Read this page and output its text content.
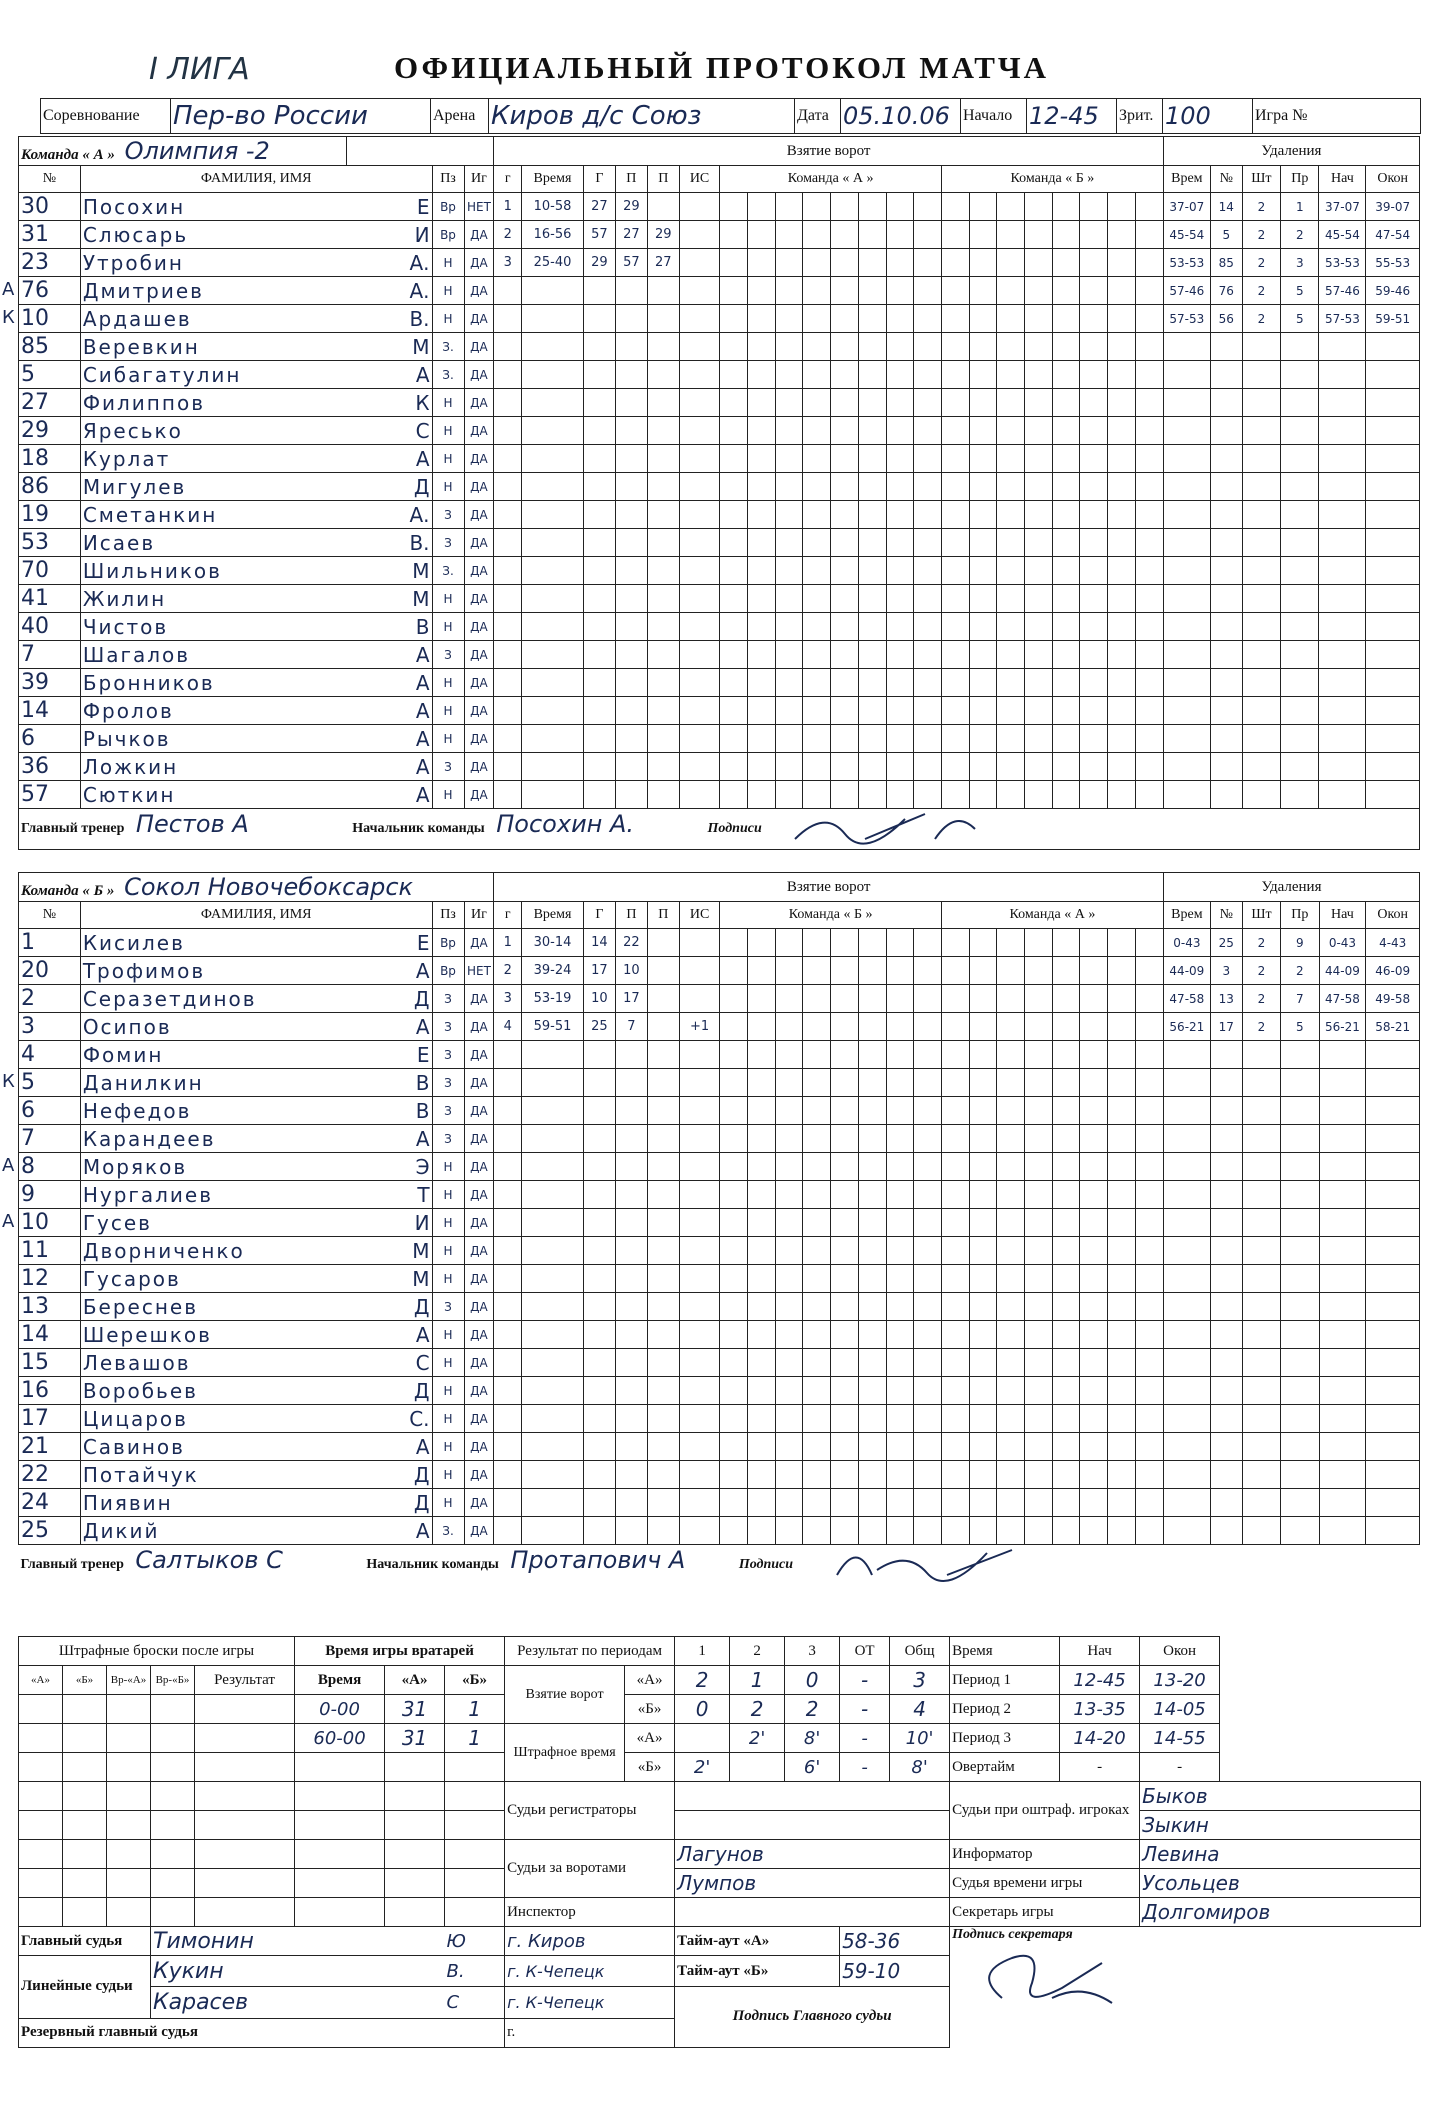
I ЛИГА	ОФИЦИАЛЬНЫЙ ПРОТОКОЛ МАТЧА
Соревнование	Пер-во России	Арена	Киров д/с Союз	Дата	05.10.06	Начало	12-45	Зрит.	100	Игра №
Команда « А » Олимпия -2					Взятие ворот																						Удаления					
№	ФАМИЛИЯ, ИМЯ		Пз	Иг	г	Время	Г	П	П	ИС	Команда « А »								Команда « Б »								Врем	№	Шт	Пр	Нач	Окон
30	Посохин	Е	Вр	НЕТ	1	10-58	27	29																			37-07	14	2	1	37-07	39-07
31	Слюсарь	И	Вр	ДА	2	16-56	57	27	29																		45-54	5	2	2	45-54	47-54
23	Утробин	А.	Н	ДА	3	25-40	29	57	27																		53-53	85	2	3	53-53	55-53
76	Дмитриев	А.	Н	ДА																							57-46	76	2	5	57-46	59-46
10	Ардашев	В.	Н	ДА																							57-53	56	2	5	57-53	59-51
85	Веревкин	М	З.	ДА																												
5	Сибагатулин	А	З.	ДА																												
27	Филиппов	К	Н	ДА																												
29	Яресько	С	Н	ДА																												
18	Курлат	А	Н	ДА																												
86	Мигулев	Д	Н	ДА																												
19	Сметанкин	А.	З	ДА																												
53	Исаев	В.	З	ДА																												
70	Шильников	М	З.	ДА																												
41	Жилин	М	Н	ДА																												
40	Чистов	В	Н	ДА																												
7	Шагалов	А	З	ДА																												
39	Бронников	А	Н	ДА																												
14	Фролов	А	Н	ДА																												
6	Рычков	А	Н	ДА																												
36	Ложкин	А	З	ДА																												
57	Сюткин	А	Н	ДА																												
Главный тренер Пестов А Начальник команды Посохин А. Подписи																																
Команда « Б » Сокол Новочебоксарск					Взятие ворот																						Удаления					
№	ФАМИЛИЯ, ИМЯ		Пз	Иг	г	Время	Г	П	П	ИС	Команда « Б »								Команда « А »								Врем	№	Шт	Пр	Нач	Окон
1	Кисилев	Е	Вр	ДА	1	30-14	14	22																			0-43	25	2	9	0-43	4-43
20	Трофимов	А	Вр	НЕТ	2	39-24	17	10																			44-09	3	2	2	44-09	46-09
2	Серазетдинов	Д	З	ДА	3	53-19	10	17																			47-58	13	2	7	47-58	49-58
3	Осипов	А	З	ДА	4	59-51	25	7		+1																	56-21	17	2	5	56-21	58-21
4	Фомин	Е	З	ДА																												
5	Данилкин	В	З	ДА																												
6	Нефедов	В	З	ДА																												
7	Карандеев	А	З	ДА																												
8	Моряков	Э	Н	ДА																												
9	Нургалиев	Т	Н	ДА																												
10	Гусев	И	Н	ДА																												
11	Дворниченко	М	Н	ДА																												
12	Гусаров	М	Н	ДА																												
13	Береснев	Д	З	ДА																												
14	Шерешков	А	Н	ДА																												
15	Левашов	С	Н	ДА																												
16	Воробьев	Д	Н	ДА																												
17	Цицаров	С.	Н	ДА																												
21	Савинов	А	Н	ДА																												
22	Потайчук	Д	Н	ДА																												
24	Пиявин	Д	Н	ДА																												
25	Дикий	А	З.	ДА																												
Главный тренер Салтыков С Начальник команды Протапович А Подписи																																
Штрафные броски после игры					Время игры вратарей			Результат по периодам		1	2	3	ОТ	Общ	Время	Нач	Окон	
«А»	«Б»	Вр-«А»	Вр-«Б»	Результат	Время	«А»	«Б»	Взятие ворот	«А»	2	1	0	-	3	Период 1	12-45	13-20	
					0-00	31	1		«Б»	0	2	2	-	4	Период 2	13-35	14-05	
					60-00	31	1	Штрафное время	«А»		2'	8'	-	10'	Период 3	14-20	14-55	
									«Б»	2'		6'	-	8'	Овертайм	-	-	
								Судьи регистраторы							Судьи при оштраф. игроках		Быков	
																	Зыкин	
								Судьи за воротами		Лагунов					Информатор		Левина	
										Лумпов					Судья времени игры		Усольцев	
								Инспектор							Секретарь игры		Долгомиров	
Главный судья			Тимонин				Ю	г. Киров		Тайм-аут «А»			58-36		Подпись секретаря			

Линейные судьи			Кукин				В.	г. К-Чепецк		Тайм-аут «Б»			59-10					
			Карасев				С	г. К-Чепецк		Подпись Главного судьи								
Резервный главный судья								г.										
А
К
К
А
А
